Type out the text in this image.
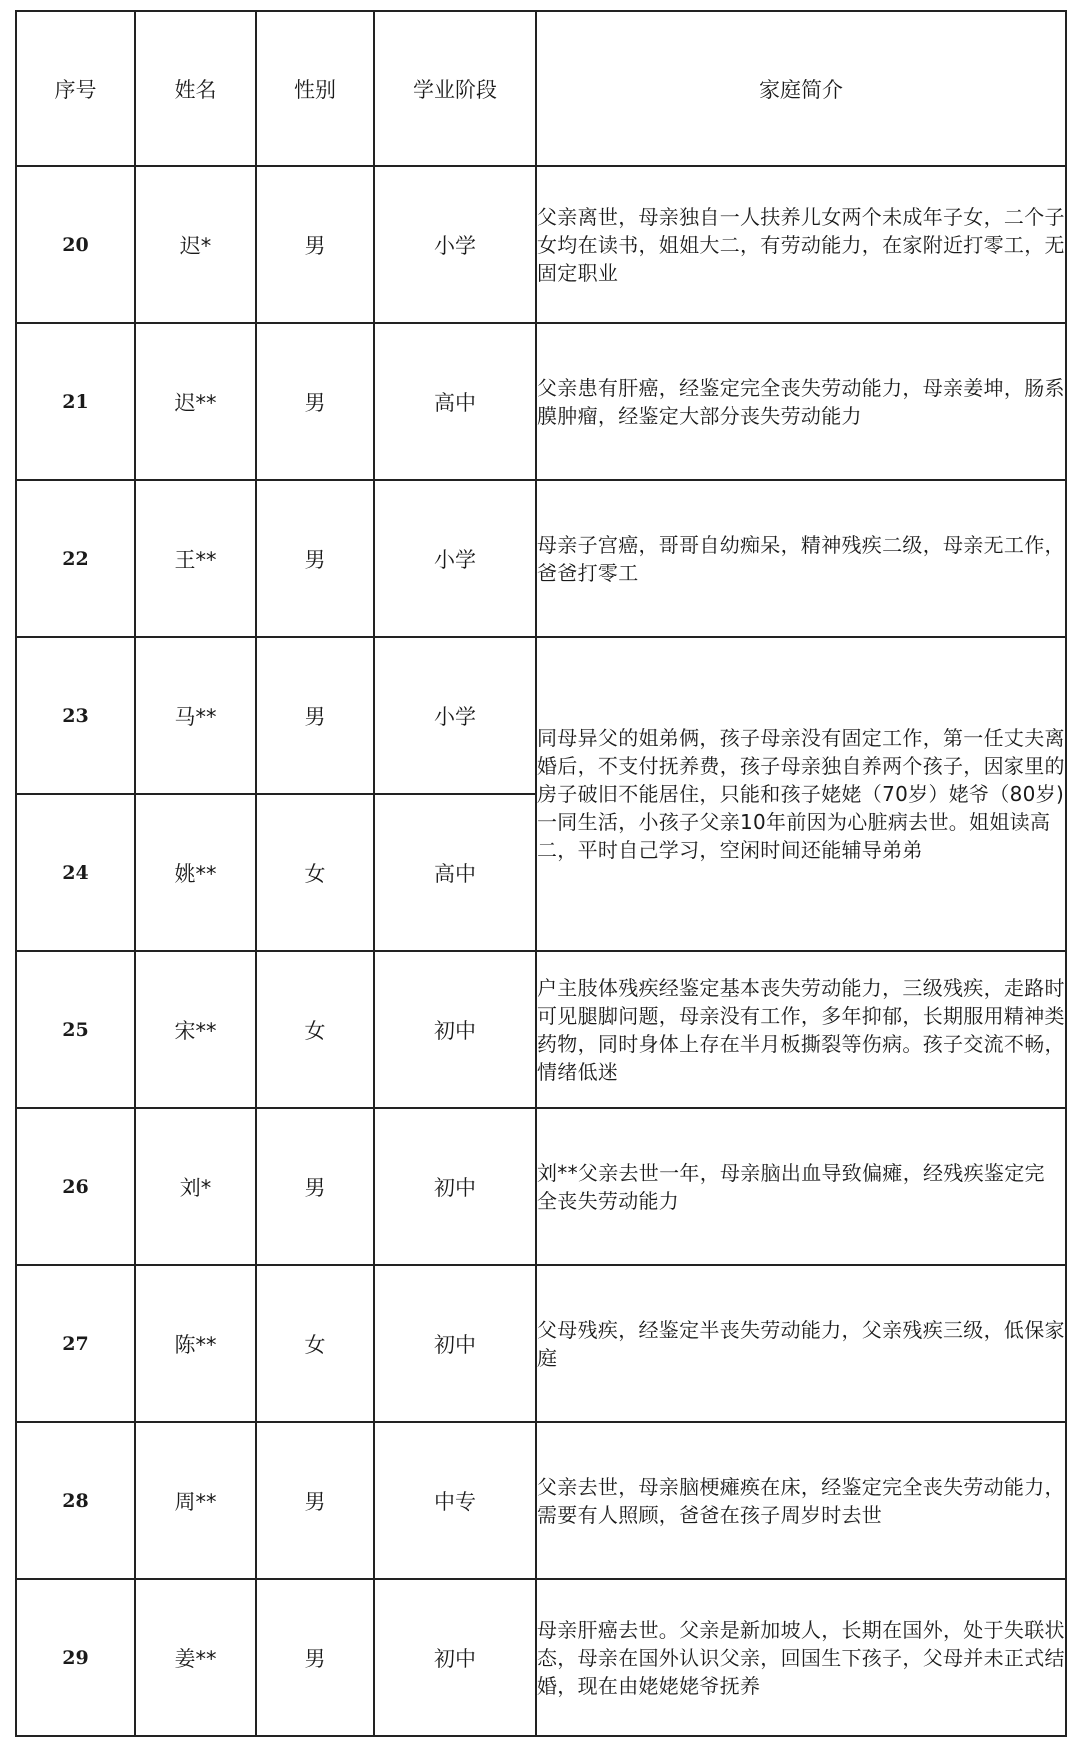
序号	姓名	性别	学业阶段	家庭简介
20	迟*	男	小学	父亲离世，母亲独自一人扶养儿女两个未成年子女，二个子女均在读书，姐姐大二，有劳动能力，在家附近打零工，无固定职业
21	迟**	男	高中	父亲患有肝癌，经鉴定完全丧失劳动能力，母亲姜坤，肠系膜肿瘤，经鉴定大部分丧失劳动能力
22	王**	男	小学	母亲子宫癌，哥哥自幼痴呆，精神残疾二级，母亲无工作，爸爸打零工
23	马**	男	小学	同母异父的姐弟俩，孩子母亲没有固定工作，第一任丈夫离婚后，不支付抚养费，孩子母亲独自养两个孩子，因家里的房子破旧不能居住，只能和孩子姥姥（70岁）姥爷（80岁)一同生活，小孩子父亲10年前因为心脏病去世。姐姐读高二，平时自己学习，空闲时间还能辅导弟弟
24	姚**	女	高中	
25	宋**	女	初中	户主肢体残疾经鉴定基本丧失劳动能力，三级残疾，走路时可见腿脚问题，母亲没有工作，多年抑郁，长期服用精神类药物，同时身体上存在半月板撕裂等伤病。孩子交流不畅，情绪低迷
26	刘*	男	初中	刘**父亲去世一年，母亲脑出血导致偏瘫，经残疾鉴定完全丧失劳动能力
27	陈**	女	初中	父母残疾，经鉴定半丧失劳动能力，父亲残疾三级，低保家庭
28	周**	男	中专	父亲去世，母亲脑梗瘫痪在床，经鉴定完全丧失劳动能力，需要有人照顾，爸爸在孩子周岁时去世
29	姜**	男	初中	母亲肝癌去世。父亲是新加坡人，长期在国外，处于失联状态，母亲在国外认识父亲，回国生下孩子，父母并未正式结婚，现在由姥姥姥爷抚养
